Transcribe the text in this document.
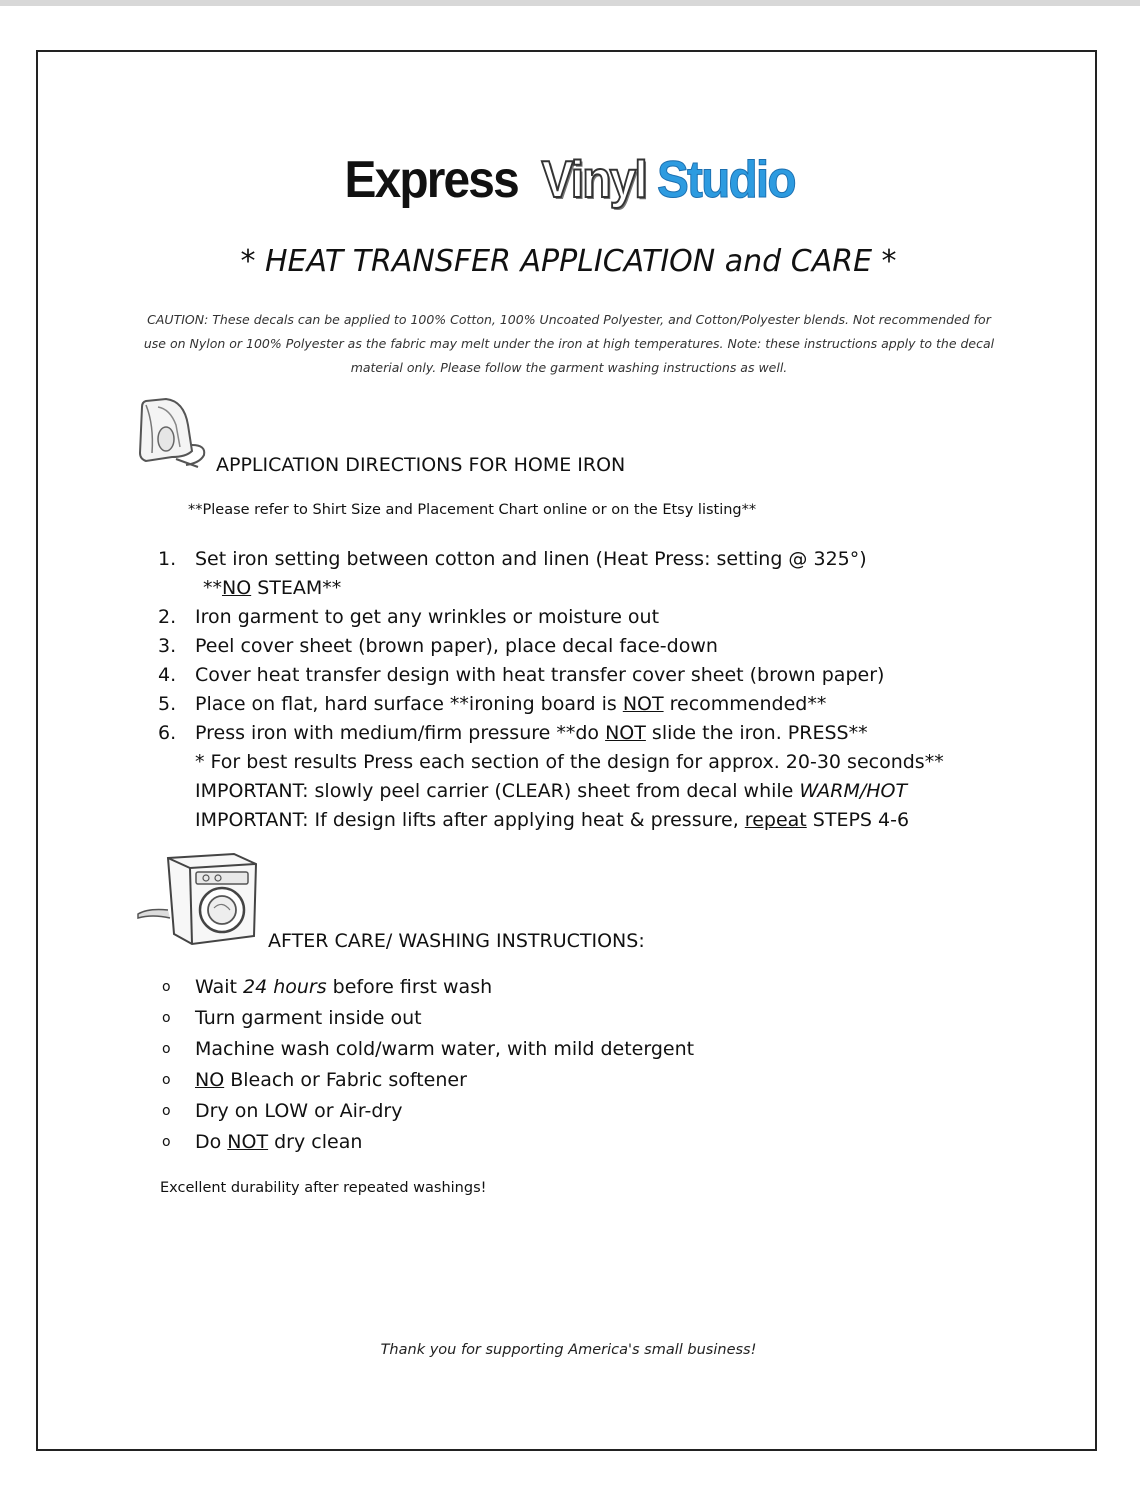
Express Vinyl Studio
* HEAT TRANSFER APPLICATION and CARE *
CAUTION: These decals can be applied to 100% Cotton, 100% Uncoated Polyester, and Cotton/Polyester blends. Not recommended for use on Nylon or 100% Polyester as the fabric may melt under the iron at high temperatures. Note: these instructions apply to the decal material only. Please follow the garment washing instructions as well.
APPLICATION DIRECTIONS FOR HOME IRON
**Please refer to Shirt Size and Placement Chart online or on the Etsy listing**
1. Set iron setting between cotton and linen (Heat Press: setting @ 325°)
**NO STEAM**
2. Iron garment to get any wrinkles or moisture out
3. Peel cover sheet (brown paper), place decal face-down
4. Cover heat transfer design with heat transfer cover sheet (brown paper)
5. Place on flat, hard surface **ironing board is NOT recommended**
6. Press iron with medium/firm pressure **do NOT slide the iron. PRESS**
* For best results Press each section of the design for approx. 20-30 seconds**
IMPORTANT: slowly peel carrier (CLEAR) sheet from decal while WARM/HOT
IMPORTANT: If design lifts after applying heat & pressure, repeat STEPS 4-6
AFTER CARE/ WASHING INSTRUCTIONS:
o Wait 24 hours before first wash
o Turn garment inside out
o Machine wash cold/warm water, with mild detergent
o NO Bleach or Fabric softener
o Dry on LOW or Air-dry
o Do NOT dry clean
Excellent durability after repeated washings!
Thank you for supporting America's small business!
